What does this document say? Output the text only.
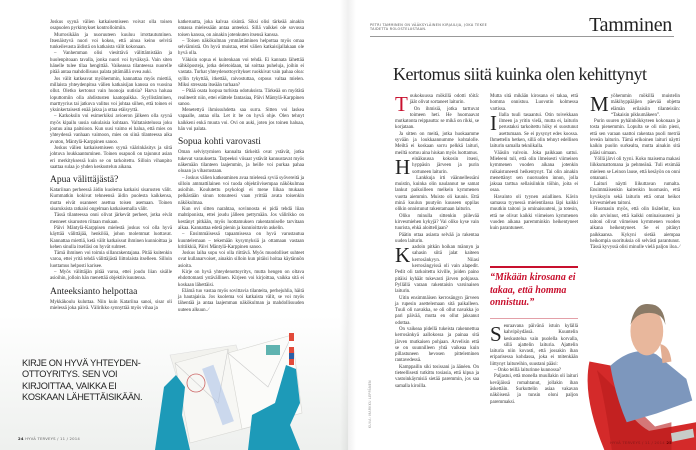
Joskus syynä välien katkaisemiseen voivat olla toisen osapuolen pyrkimykset kontrolloimiin.

Murrosikään ja nuoruuteen kuuluu irrottautuminen. Itsenäistyvä nuori voi kokea, että ainoa keino selvitä tunkeilevasta äidistä on katkaista välit kokonaan.

– Vanhemman olisi viesittävä välittämistään ja huolenpitoaan tavalla, jonka nuori voi hyväksyä. Vain siten hänelle tulee tilaa hengittää. Vaikeassa tilanteessa nuorelle pitää antaa mahdollisuus palata pitämällä ovea auki.

Jos välit katkeavat myöhemmin, kannattaa myös miettiä, millaista yhteydenpitoa välien katkaisijan kanssa on vuosina ollut. Oletko kertonut vain huonoja uutisia? Harva haluaa loputtomiin olla ahdistusten kaatopaikka. Syyllistäminen, marttyyrius tai jatkuva valitus voi johtaa siihen, että toinen ei yksinkertaisesti enää jaksa ja ottaa etäisyyttä.

– Katkoksiin voi esimerkiksi avioeron jälkeen olla syynä myös kipailu uusia sukulaisia kohtaan. Valtataistelussa joku joutuu aina paitsioon. Kun uusi vaimo ei halua, että mies on yhteydessä vanhaan vaimoon, mies on siinä tilanteessa aika avuton, Mäntylä-Karppinen sanoo.

Joskus välien katkaisemiseen syynä väärinkäsitys ja siitä johtuva loukkaantuminen. Toinen osapuoli on tajunnut asian eri merkityksessä kuin se on tarkoitettu. Silloin vihanpito saattaa sulaa jo yhden keskustelun aikana.

Apua välittäjästä?

Katariinan perheessä äidin kuolema katkaisi sisarusten välit. Kummatkin kokivat tehneensä äidin puolesta kaikkensa, mutta eivät osanneet asettua toisen asemaan. Toinen sisaruksista ratkaisi ongelman katkaisemalla välit.

Tässä tilanteessa onni olivat järkevät perheet, jotka eivät menneet sisarusten riitaan mukaan.

Päivi Mäntylä-Karppisen mielestä joskus voi olla hyvä käyttää välittäjää, henkilöä, johon molemmat luottavat. Kannattaa miettiä, ketä välit katkaissut ihminen kunnioittaa ja kehen sinulla itselläsi on hyvät suhteet.

Tämä ihminen voi toimia sillanrakentajana. Pitää kuitenkin varoa, ettei yritä tehdä välittäjästä liittolaista itselleen. Silloin luottamus helposti karisee.

– Myös välittäjän pitää varoa, ettei joudu liian sisälle asioihin, jolloin hän menettää objektiivisuutensa.

Anteeksianto helpottaa

Mykkäkoulu kuluttaa. Niin kuin Katariina sanoi, sisar oli mielessä joka päivä. Välirikko synnyttää myös vihaa ja

katkeruutta, joka kalvaa sisintä. Siksi olisi tärkeää ainakin omassa mielessään antaa anteeksi. Sillä vaikkei ole sovussa toisen kanssa, on ainakin jotenkuten itsensä kanssa.

– Toisen näkökulman ymmärtäminen helpottaa myös omaa selviämistä. On hyvä muistaa, ettei välien katkaisijallakaan ole hyvä olla.

Väkisin sopua ei kuitenkaan voi tehdä. Ei kannata lähettää sähköposteja, jotka deletoidaan, tai soittaa puheluja, joihin ei vastata. Turhat yhteydenottoyritykset ruokkivat vain pahaa oloa: syllin tykyttää, itkettää, raivostuttaa, orpous valtaa mielen. Miksi stressata itseään turhaan?

– Pitää osata luopua turhista odotuksista. Tärkeää on myötätä realiteetit niin, ettei elättele fantasiaa, Päivi Mäntylä-Karppinen sanoo.

Menetettyä ihmissuhdetta saa surra. Sitten voi laskea vapaalle, antaa olla. Let it be on hyvä ohje. Olen tehnyt kaikkeni enkä muuta voi. Ovi on auki, joten jos toinen haluaa, hän voi palata.

Sopua kohti varovasti

Oman selviytymisen kannalta tärkeitä ovat ystävät, jotka tukevat varauksetta. Tarpeeksi viisaat ystävät kannustavat myös näkemään tilanteen laajemmin, ja heille voi purkaa pahaa oloaan ja vihastustaan.

– Joskus välien katkeaminen avaa mielessä syviä syövereitä ja silloin ammattilainen voi tuoda objektiivisempaa näkökulmaa asioihin. Koulutettu psykologi ei mene liikaa mukaan pelkästään sinun totuuteesi vaan yrittää avata toisenkin näkökulmaa.

Kun ovi sitten narahtaa, sovinnosta ei pidä tehdä liian mahtiponista, ettei joudu jälleen pettymään. Jos välirikko on kestänyt pitkään, myös luottamuksen rakentamiselle tarvitaan aikaa. Kannattaa edetä pienin ja kunnioittavin askelin.

– Ensimmäisessä tapaamisessa on hyvä varustautua kuuntelemaan – tekemään kysymyksiä ja ottamaan vastaan kritiikkiä, Päivi Mäntylä-Karppinen sanoo.

Joskus laiha sopu voi olla riittävä. Myös muodolliset suhteet ovat kullanarvoiset, ainakin silloin kun pitäisi hoitaa käytännön asioita.

Kirje on hyvä yhteydenottoyritys, mutta hengen on oltava ehdottomasti ystävällinen. Kirjeen voi kirjoittaa, vaikka sitä ei koskaan lähettäisi.

Elämä tuo vastaa myös sovittavia tilanteita, perhejuhlia, häitä ja hautajaisia. Jos kuolema voi katkaista välit, se voi myös lähentää ja antaa laajemman näkökulman ja mahdollisuuden uuteen alkuun. ⁄

KIRJE ON HYVÄ YHTEYDEN-OTTOYRITYS. SEN VOI KIRJOITTAA, VAIKKA EI KOSKAAN LÄHETTÄISIKÄÄN.
24 HYVÄ TERVEYS / 11 / 2014
PETRI TAMMINEN ON VÄÄKSYLÄINEN KIRJAILIJA, JOKA TEKEE TAIDETTA ROLOSTELUSTAAN.	Tamminen
Kertomus siitä kuinka olen kehittynyt

Toukokuussa mökillä odotti töitä: jäät olivat sortaneet laiturin.

On ihmisiä, jotka tarttuvat toimeen heti. He huomaavat mutkatonta reippautta: se mikä on rikki, se korjataan.

Ja sitten on meitä, jotka huokaamme syvään ja loukkaannumme kohtalolle. Meiltä ei koskaan sorru pelkkä laituri, meiltä sortuu aina hiukan myös luottamus.

Heinäkuussa kokosin itseni, hyppäsin järveen ja purin sortuneen laiturin.

Lankkuja irti väännellessäni muistin, kuinka olin naulannut ne samat lankut paikoilleen melkein kymmenen vuotta aiemmin. Muisto oli kaunis. Että minä kuulun puutyön kuuseen oppilas olikin onnistunut rakentamaan laiturin.

Oliko minulla sittenkin piilevää kirvesmiehen kykyjä? Vai oliko kyse vain tuurista, ehkä aloittelijaan?

Päätin ottaa asiasta selvää ja rakentaa uuden laiturin.

Kaadoin pitkän hoikan männyn ja sahasin siitä jalat kaiteen kerrosänkyyn. Niiasi kerrosängyissä oli vain alapedit. Pedit oli tarkoitettu kiville, joiden paino pitäisi kyhäät tukevasti järven pohjassa. Pyllällä varaan rakentaisin varsinaisen laiturin.

Uitin ensimmäisen kerrosängyn järveen ja rupesin asettelemaan sitä paikalleen. Tuuli oli navakka, se oli ollut navakka jo pari päivää, mutta en ollut jaksanut odottaa.

On vaikeaa pidellä tukeista rakennettua kerrosänkyä aallokossa ja painaa sitä järven mutkaisen pohjaan. Arvelisin että se on suunnilleen yhtä vaikeaa kuin pillastuneen hevosen pitteleminen rantavedessä.

Kamppailin siki tosissani ja äänéen. On tieteellisesti tutkittu tosiasia, että kipua ja vastoinkäymisiä sietää paremmin, jos saa samalla kiroilla.

Mutta sitä mikään kirosana ei takaa, että homma onnistuu. Luovutin kolmessa vartissa.

Illalla tuuli tasaantui. Otin toivekkaan ilmeen ja yritin vielä, mutta ei, laiturin perustaksi tarkoitettu höky ei suostunut asettumaan. Se ei pysynyt edes koossa. Ihmettelin hetken, sillä olin tehnyt edellisen laiturin samalla tekniikalla.

Vääsiin valvoin. Joka paikkaan sattui. Mieleeni tuli, että olin ilmeisesti viimeisen kymmenen vuoden aikana jotenkin ruikaistuneesti heikentynyt. Tai olin ainakin menettänyt sen nuoruuden innon, jolla jaksaa tarttua sellaisiinkin töihin, joita ei osaa.

Havainto oli tyynen asiallinen. Kävin samassa tyynessä mielentilassa läpi kaikki muutkin taitoni ja ominaisuuteni, ja totesin, että ne olivat kaikki viimeisen kymmenen vuoden aikana paremminkin heikentyneet kuin parantuneet.

“Mikään kirosana ei takaa, että homma onnistuu.”

Seuraavana päivänä istuin kylällä kahvipöydässä. Kuuntelin keskustelua vain puolella korvalla, sillä ajattelin laituria. Ajattelin laituria niin kovasti, että jossakin ihan eriparisessa kohdassa, joka ei mitenkään liittynyt laitureihin, suustani pääsi:

– Onko teillä laiturinne kunnossa?

Paljastui, että monella muullakin oli laituri keväjäissä romahtanut, jollakin ihan äskettäin. Surkuttelin asiaa vakavan näköisenä ja tunsin oloni paljon paremmaksi.

Myöhemmin mökillä muistelin mäkihyppääjien päevää objetta elämän erilaisiin tilanteisiin: “Takaisin pikkumäkeen”.

Purin suuren pyhäinhökkyteen kokonaan ja tosta pienemmin. Lopulta se oli niin pieni, että sen varaan saattoi rakentaa puoli metriä leveän laiturin. Tämä erikoinen laituri näytti kaikin puolin surkealta, mutta ainakin sitä pääsi uimaan.

Yöllä järvi oli tyyni. Koko maisema makasi liikkumattomana ja pehmeänä. Tuli etsimää mieleen se Leinon lause, että kesäyön on onni omanani.

Laituri näytti liikuttavan rumalta. Ensimmäisenkin kaitenkin huomasin, että hyväksyin sekä laiturin että omat heikot kirvesmiehen taitoni.

Huomasin myös, että olin lisätellut, kun olin arvioinut, että kaikki ominaisuuteni ja taitoni olivat viimeisen kymmenen vuoden aikana heikentyneet. Se ei pitänyt paikkaansa. Kykyni sietää aiempaa heikompia suorituksia oli selvästi parantunut. Tässä kyvyssä olisi minulle vielä paljon iloa. ⁄

KUVA: MARKKU LEPPÄNEN
HYVÄ TERVEYS / 11 / 2014 25
